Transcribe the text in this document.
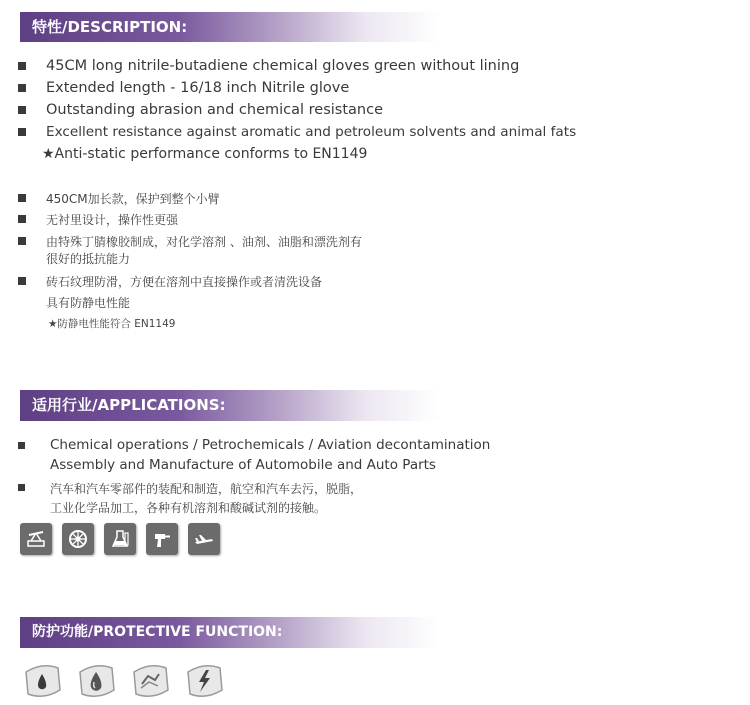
特性/DESCRIPTION:
45CM long nitrile-butadiene chemical gloves green without lining
Extended length - 16/18 inch Nitrile glove
Outstanding abrasion and chemical resistance
Excellent resistance against aromatic and petroleum solvents and animal fats
★Anti-static performance conforms to EN1149
450CM加长款，保护到整个小臂
无衬里设计，操作性更强
由特殊丁腈橡胶制成，对化学溶剂 、油剂、油脂和漂洗剂有
很好的抵抗能力
砖石纹理防滑，方便在溶剂中直接操作或者清洗设备
具有防静电性能
★防静电性能符合 EN1149
适用行业/APPLICATIONS:
Chemical operations / Petrochemicals / Aviation decontamination
Assembly and Manufacture of Automobile and Auto Parts
汽车和汽车零部件的装配和制造，航空和汽车去污，脱脂，
工业化学品加工，各种有机溶剂和酸碱试剂的接触。
防护功能/PROTECTIVE FUNCTION:
